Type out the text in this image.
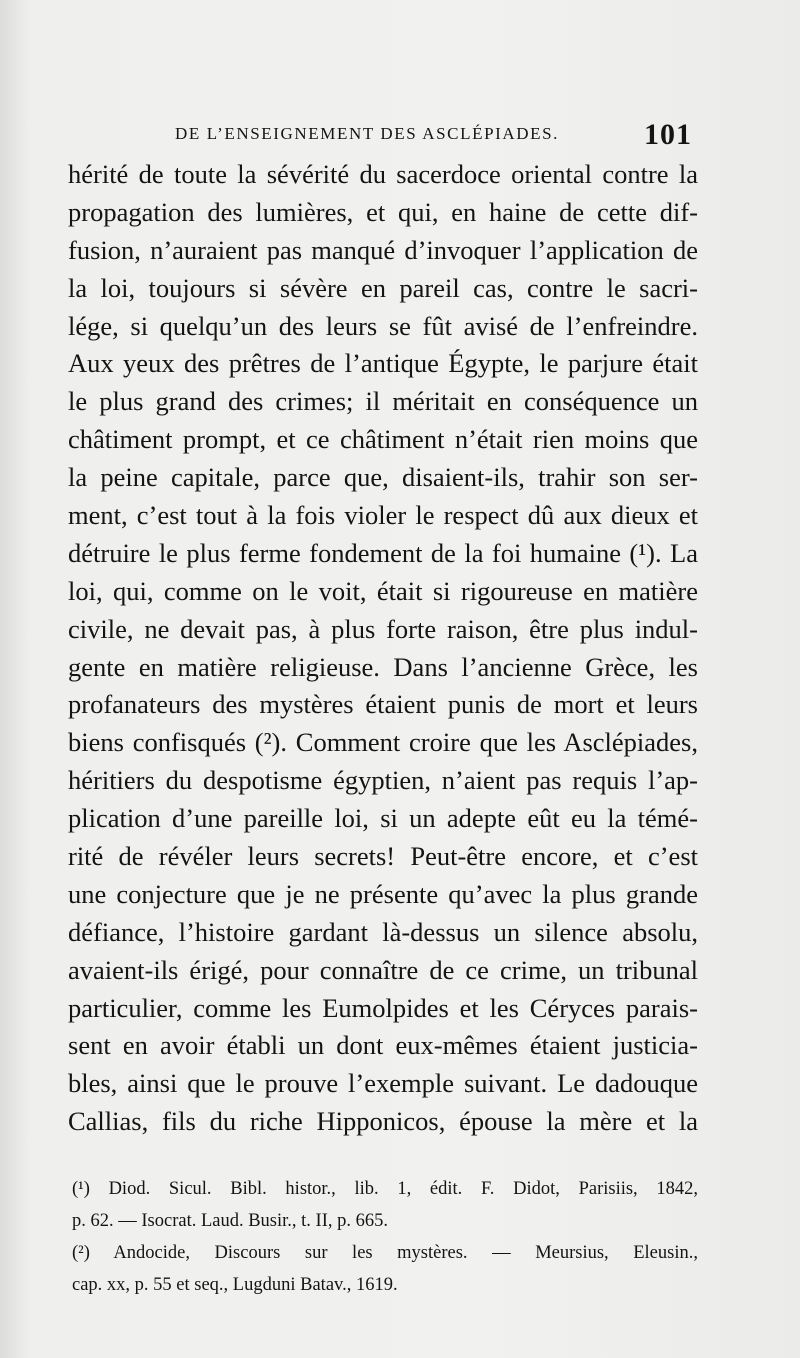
DE L’ENSEIGNEMENT DES ASCLÉPIADES.	101
hérité de toute la sévérité du sacerdoce oriental contre la
propagation des lumières, et qui, en haine de cette dif-
fusion, n’auraient pas manqué d’invoquer l’application de
la loi, toujours si sévère en pareil cas, contre le sacri-
lége, si quelqu’un des leurs se fût avisé de l’enfreindre.
Aux yeux des prêtres de l’antique Égypte, le parjure était
le plus grand des crimes; il méritait en conséquence un
châtiment prompt, et ce châtiment n’était rien moins que
la peine capitale, parce que, disaient-ils, trahir son ser-
ment, c’est tout à la fois violer le respect dû aux dieux et
détruire le plus ferme fondement de la foi humaine (¹). La
loi, qui, comme on le voit, était si rigoureuse en matière
civile, ne devait pas, à plus forte raison, être plus indul-
gente en matière religieuse. Dans l’ancienne Grèce, les
profanateurs des mystères étaient punis de mort et leurs
biens confisqués (²). Comment croire que les Asclépiades,
héritiers du despotisme égyptien, n’aient pas requis l’ap-
plication d’une pareille loi, si un adepte eût eu la témé-
rité de révéler leurs secrets! Peut-être encore, et c’est
une conjecture que je ne présente qu’avec la plus grande
défiance, l’histoire gardant là-dessus un silence absolu,
avaient-ils érigé, pour connaître de ce crime, un tribunal
particulier, comme les Eumolpides et les Céryces parais-
sent en avoir établi un dont eux-mêmes étaient justicia-
bles, ainsi que le prouve l’exemple suivant. Le dadouque
Callias, fils du riche Hipponicos, épouse la mère et la
(¹) Diod. Sicul. Bibl. histor., lib. 1, édit. F. Didot, Parisiis, 1842,
p. 62. — Isocrat. Laud. Busir., t. II, p. 665.
(²) Andocide, Discours sur les mystères. — Meursius, Eleusin.,
cap. xx, p. 55 et seq., Lugduni Batav., 1619.
